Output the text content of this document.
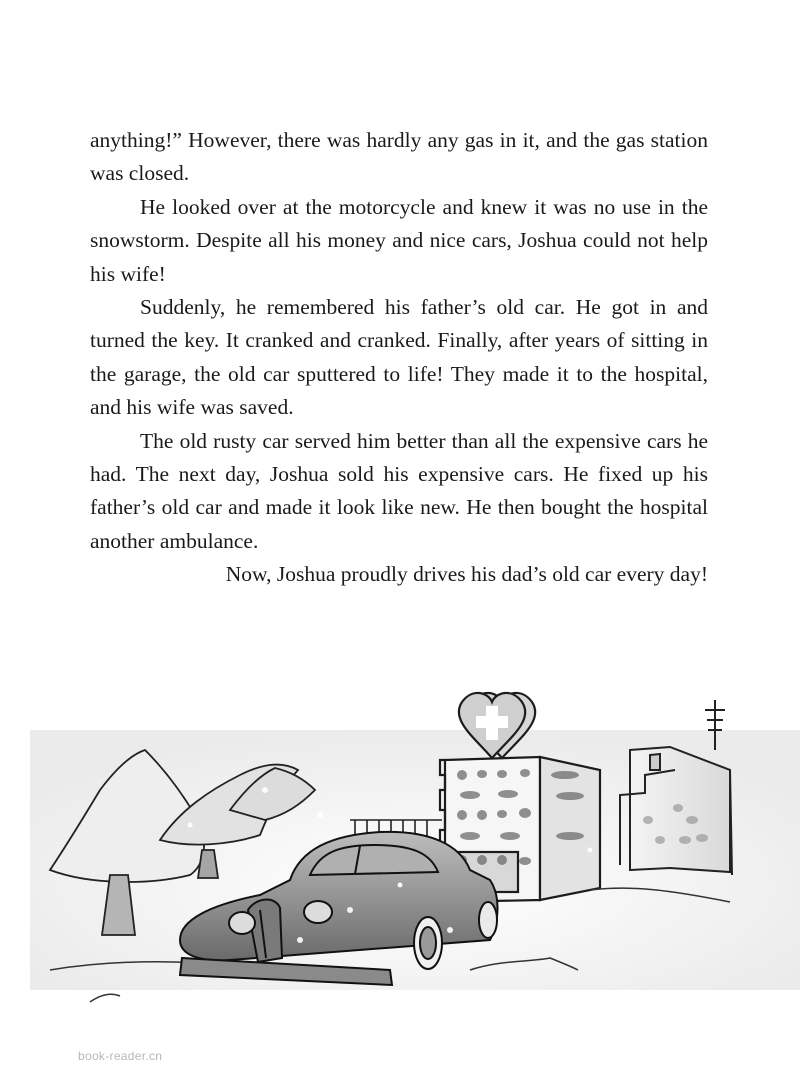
anything!” However, there was hardly any gas in it, and the gas station was closed.

He looked over at the motorcycle and knew it was no use in the snowstorm. Despite all his money and nice cars, Joshua could not help his wife!

Suddenly, he remembered his father’s old car. He got in and turned the key. It cranked and cranked. Finally, after years of sitting in the garage, the old car sputtered to life! They made it to the hospital, and his wife was saved.

The old rusty car served him better than all the expensive cars he had. The next day, Joshua sold his expensive cars. He fixed up his father’s old car and made it look like new. He then bought the hospital another ambulance.

Now, Joshua proudly drives his dad’s old car every day!

book-reader.cn
